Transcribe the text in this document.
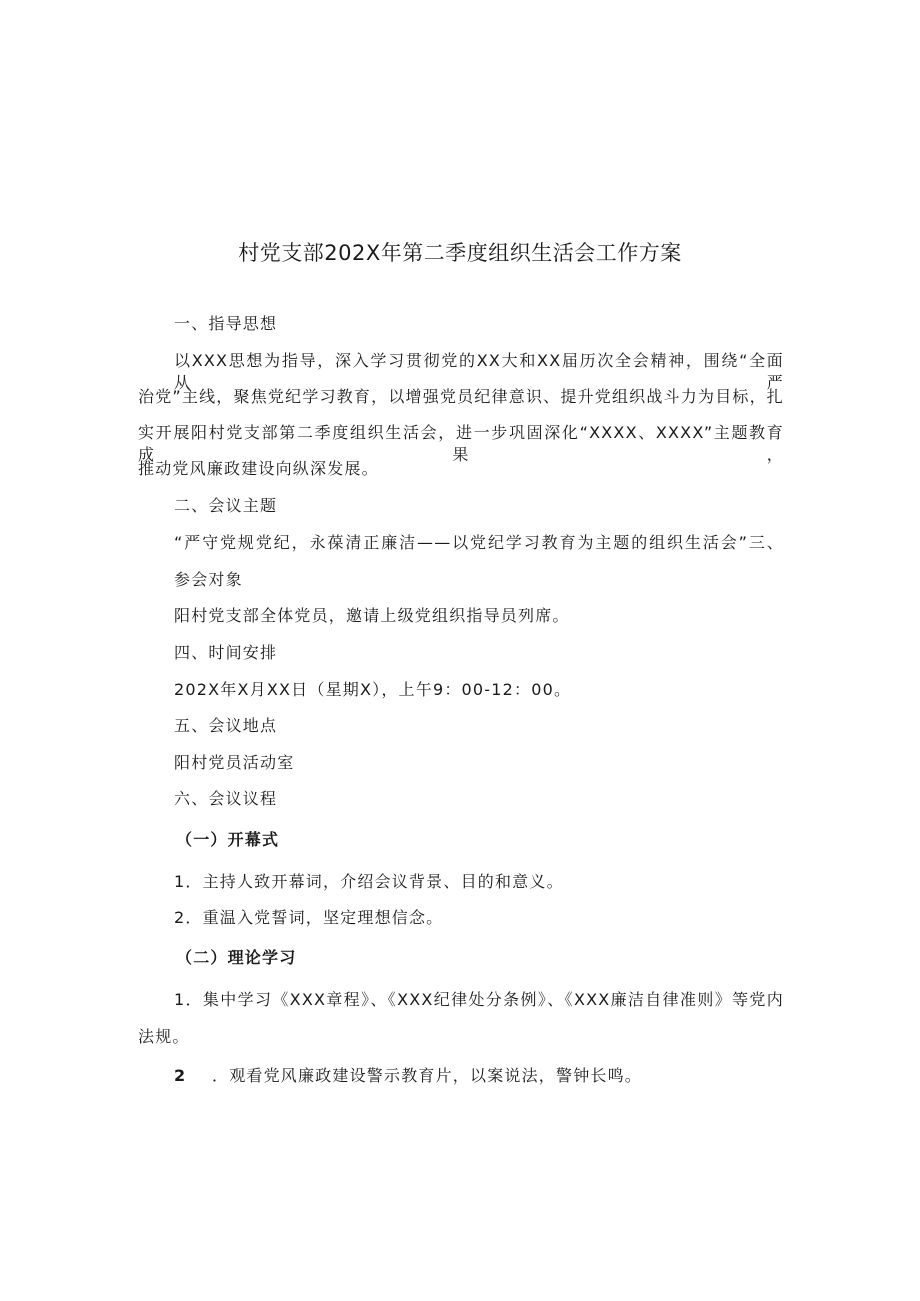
村党支部202X年第二季度组织生活会工作方案
一、指导思想
以XXX思想为指导，深入学习贯彻党的XX大和XX届历次全会精神，围绕“全面从严
治党”主线，聚焦党纪学习教育，以增强党员纪律意识、提升党组织战斗力为目标，扎
实开展阳村党支部第二季度组织生活会，进一步巩固深化“XXXX、XXXX”主题教育成果，
推动党风廉政建设向纵深发展。
二、会议主题
“严守党规党纪，永葆清正廉洁——以党纪学习教育为主题的组织生活会”三、
参会对象
阳村党支部全体党员，邀请上级党组织指导员列席。
四、时间安排
202X年X月XX日（星期X），上午9：00-12：00。
五、会议地点
阳村党员活动室
六、会议议程
（一）开幕式
1．主持人致开幕词，介绍会议背景、目的和意义。
2．重温入党誓词，坚定理想信念。
（二）理论学习
1．集中学习《XXX章程》、《XXX纪律处分条例》、《XXX廉洁自律准则》等党内
法规。
2 ．观看党风廉政建设警示教育片，以案说法，警钟长鸣。
